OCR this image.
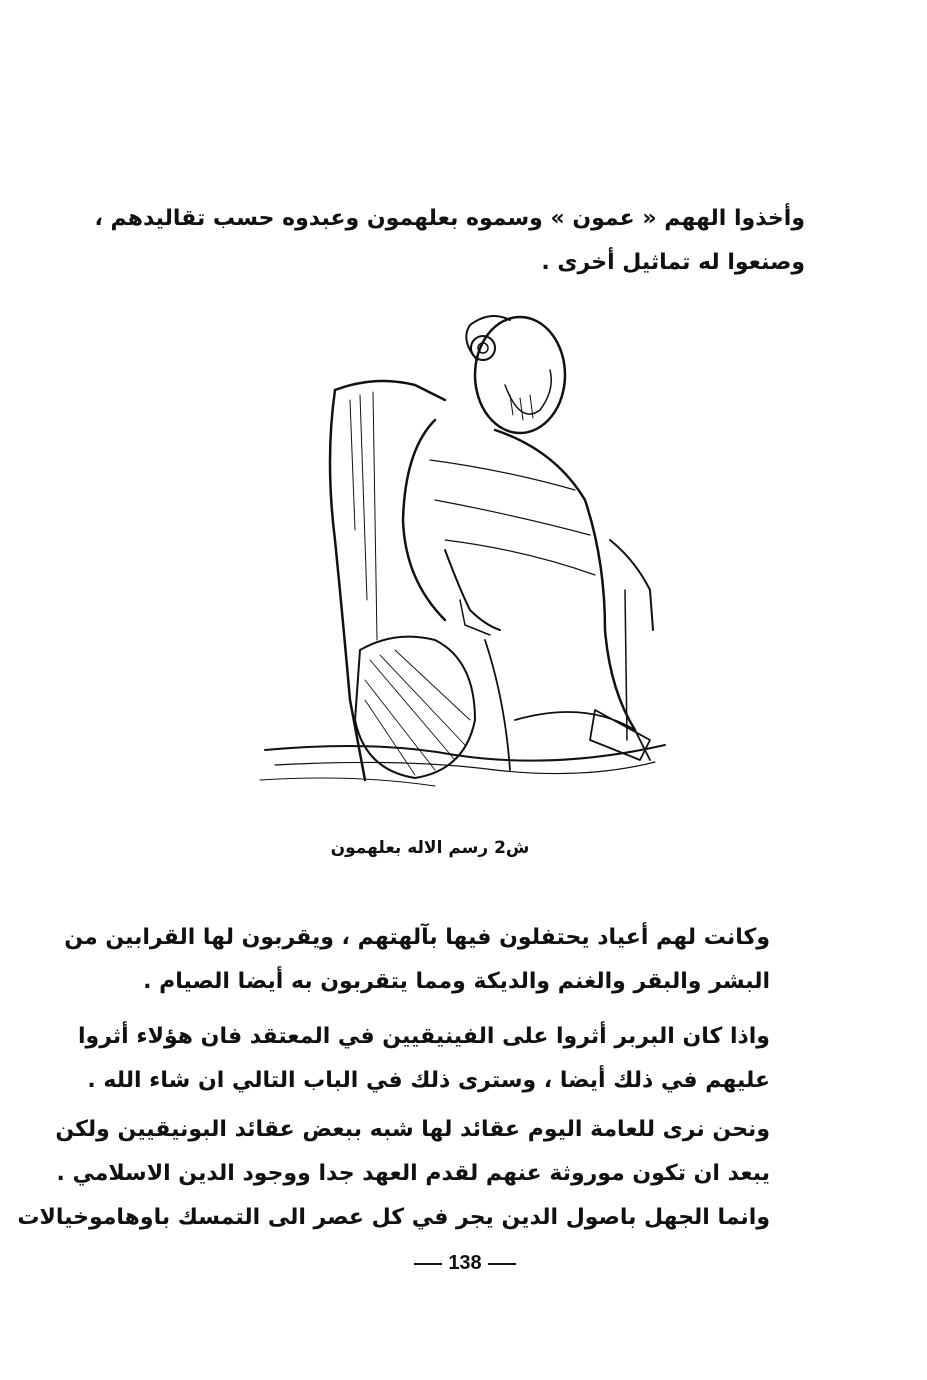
وأخذوا الههم « عمون » وسموه بعلهمون وعبدوه حسب تقاليدهم ،
وصنعوا له تماثيل أخرى .
ش2 رسم الاله بعلهمون
وكانت لهم أعياد يحتفلون فيها بآلهتهم ، ويقربون لها القرابين من
البشر والبقر والغنم والديكة ومما يتقربون به أيضا الصيام .
واذا كان البربر أثروا على الفينيقيين في المعتقد فان هؤلاء أثروا
عليهم في ذلك أيضا ، وسترى ذلك في الباب التالي ان شاء الله .
ونحن نرى للعامة اليوم عقائد لها شبه ببعض عقائد البونيقيين ولكن
يبعد ان تكون موروثة عنهم لقدم العهد جدا ووجود الدين الاسلامي .
وانما الجهل باصول الدين يجر في كل عصر الى التمسك باوهاموخيالات
138
